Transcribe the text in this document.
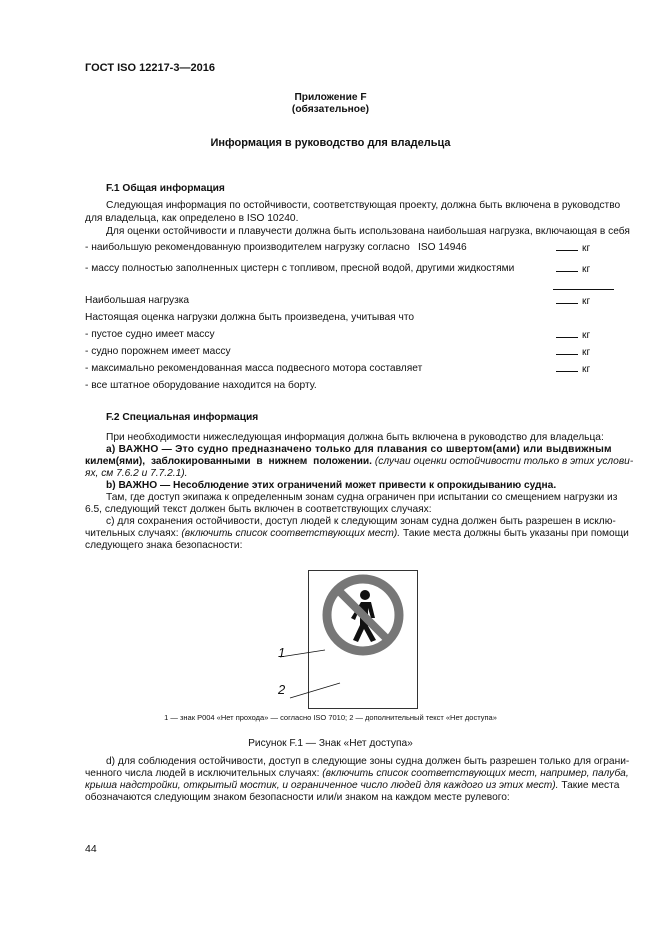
ГОСТ ISO 12217-3—2016
Приложение F
(обязательное)
Информация в руководство для владельца
F.1 Общая информация
Следующая информация по остойчивости, соответствующая проекту, должна быть включена в руководство
для владельца, как определено в ISO 10240.
Для оценки остойчивости и плавучести должна быть использована наибольшая нагрузка, включающая в себя
- наибольшую рекомендованную производителем нагрузку согласно ISO 14946	кг
- массу полностью заполненных цистерн с топливом, пресной водой, другими жидкостями	кг
Наибольшая нагрузка	кг
Настоящая оценка нагрузки должна быть произведена, учитывая что
- пустое судно имеет массу	кг
- судно порожнем имеет массу	кг
- максимально рекомендованная масса подвесного мотора составляет	кг
- все штатное оборудование находится на борту.
F.2 Специальная информация
При необходимости нижеследующая информация должна быть включена в руководство для владельца:
а) ВАЖНО — Это судно предназначено только для плавания со швертом(ами) или выдвижным
килем(ями), заблокированными в нижнем положении. (случаи оценки остойчивости только в этих услови-
ях, см 7.6.2 и 7.7.2.1).
b) ВАЖНО — Несоблюдение этих ограничений может привести к опрокидыванию судна.
Там, где доступ экипажа к определенным зонам судна ограничен при испытании со смещением нагрузки из
6.5, следующий текст должен быть включен в соответствующих случаях:
с) для сохранения остойчивости, доступ людей к следующим зонам судна должен быть разрешен в исклю-
чительных случаях: (включить список соответствующих мест). Такие места должны быть указаны при помощи
следующего знака безопасности:
1
2
1 — знак P004 «Нет прохода» — согласно ISO 7010; 2 — дополнительный текст «Нет доступа»
Рисунок F.1 — Знак «Нет доступа»
d) для соблюдения остойчивости, доступ в следующие зоны судна должен быть разрешен только для ограни-
ченного числа людей в исключительных случаях: (включить список соответствующих мест, например, палуба,
крыша надстройки, открытый мостик, и ограниченное число людей для каждого из этих мест). Такие места
обозначаются следующим знаком безопасности или/и знаком на каждом месте рулевого:
44
